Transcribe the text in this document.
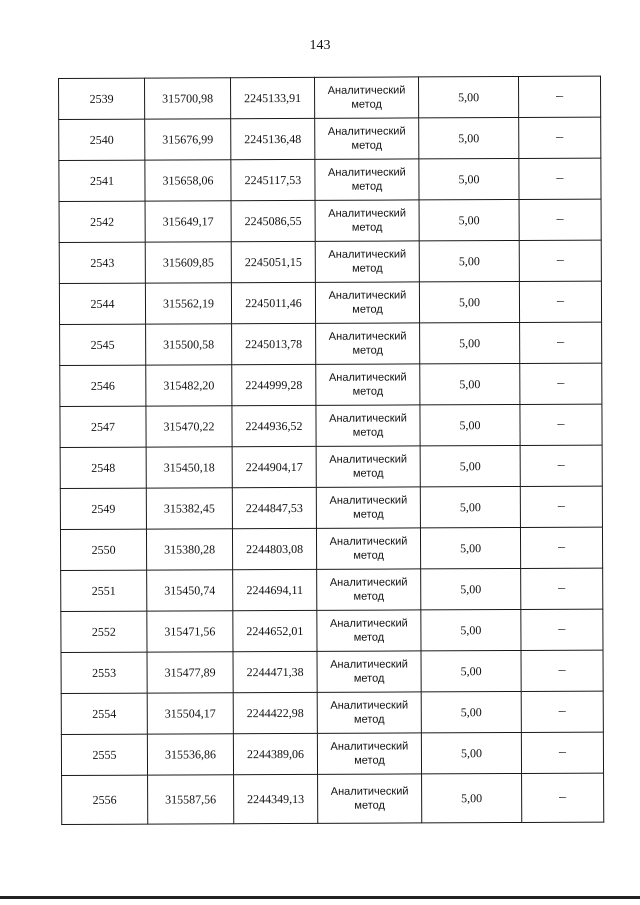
143
2539	315700,98	2245133,91	Аналитический
метод	5,00	–
2540	315676,99	2245136,48	Аналитический
метод	5,00	–
2541	315658,06	2245117,53	Аналитический
метод	5,00	–
2542	315649,17	2245086,55	Аналитический
метод	5,00	–
2543	315609,85	2245051,15	Аналитический
метод	5,00	–
2544	315562,19	2245011,46	Аналитический
метод	5,00	–
2545	315500,58	2245013,78	Аналитический
метод	5,00	–
2546	315482,20	2244999,28	Аналитический
метод	5,00	–
2547	315470,22	2244936,52	Аналитический
метод	5,00	–
2548	315450,18	2244904,17	Аналитический
метод	5,00	–
2549	315382,45	2244847,53	Аналитический
метод	5,00	–
2550	315380,28	2244803,08	Аналитический
метод	5,00	–
2551	315450,74	2244694,11	Аналитический
метод	5,00	–
2552	315471,56	2244652,01	Аналитический
метод	5,00	–
2553	315477,89	2244471,38	Аналитический
метод	5,00	–
2554	315504,17	2244422,98	Аналитический
метод	5,00	–
2555	315536,86	2244389,06	Аналитический
метод	5,00	–
2556	315587,56	2244349,13	Аналитический
метод	5,00	–
